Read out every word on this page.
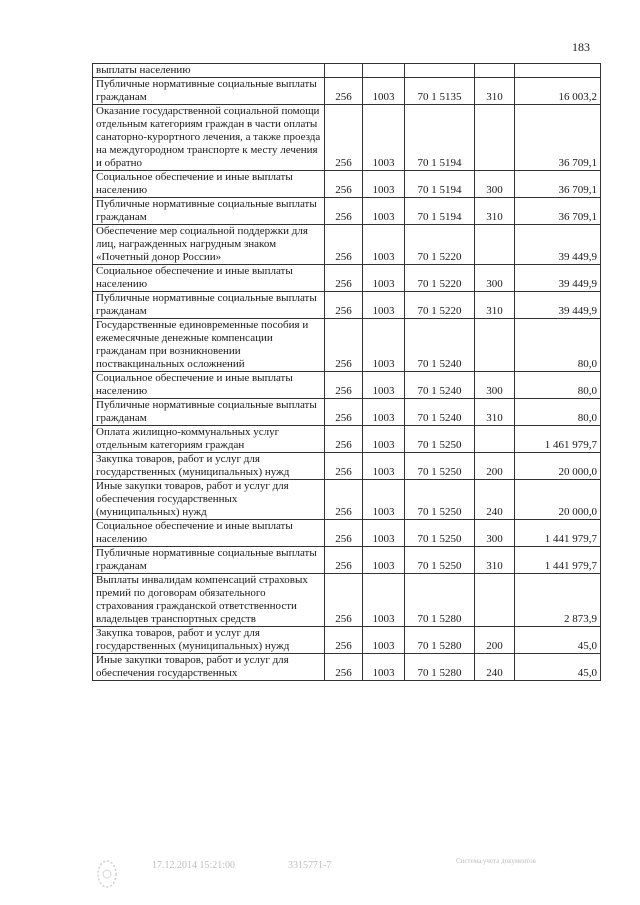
183
выплаты населению					
Публичные нормативные социальные выплаты гражданам	256	1003	70 1 5135	310	16 003,2
Оказание государственной социальной помощи отдельным категориям граждан в части оплаты санаторно-курортного лечения, а также проезда на междугородном транспорте к месту лечения и обратно	256	1003	70 1 5194		36 709,1
Социальное обеспечение и иные выплаты населению	256	1003	70 1 5194	300	36 709,1
Публичные нормативные социальные выплаты гражданам	256	1003	70 1 5194	310	36 709,1
Обеспечение мер социальной поддержки для лиц, награжденных нагрудным знаком «Почетный донор России»	256	1003	70 1 5220		39 449,9
Социальное обеспечение и иные выплаты населению	256	1003	70 1 5220	300	39 449,9
Публичные нормативные социальные выплаты гражданам	256	1003	70 1 5220	310	39 449,9
Государственные единовременные пособия и ежемесячные денежные компенсации гражданам при возникновении поствакцинальных осложнений	256	1003	70 1 5240		80,0
Социальное обеспечение и иные выплаты населению	256	1003	70 1 5240	300	80,0
Публичные нормативные социальные выплаты гражданам	256	1003	70 1 5240	310	80,0
Оплата жилищно-коммунальных услуг отдельным категориям граждан	256	1003	70 1 5250		1 461 979,7
Закупка товаров, работ и услуг для государственных (муниципальных) нужд	256	1003	70 1 5250	200	20 000,0
Иные закупки товаров, работ и услуг для обеспечения государственных (муниципальных) нужд	256	1003	70 1 5250	240	20 000,0
Социальное обеспечение и иные выплаты населению	256	1003	70 1 5250	300	1 441 979,7
Публичные нормативные социальные выплаты гражданам	256	1003	70 1 5250	310	1 441 979,7
Выплаты инвалидам компенсаций страховых премий по договорам обязательного страхования гражданской ответственности владельцев транспортных средств	256	1003	70 1 5280		2 873,9
Закупка товаров, работ и услуг для государственных (муниципальных) нужд	256	1003	70 1 5280	200	45,0
Иные закупки товаров, работ и услуг для обеспечения государственных	256	1003	70 1 5280	240	45,0
17.12.2014 15:21:00	3315771-7	Система учета документов
